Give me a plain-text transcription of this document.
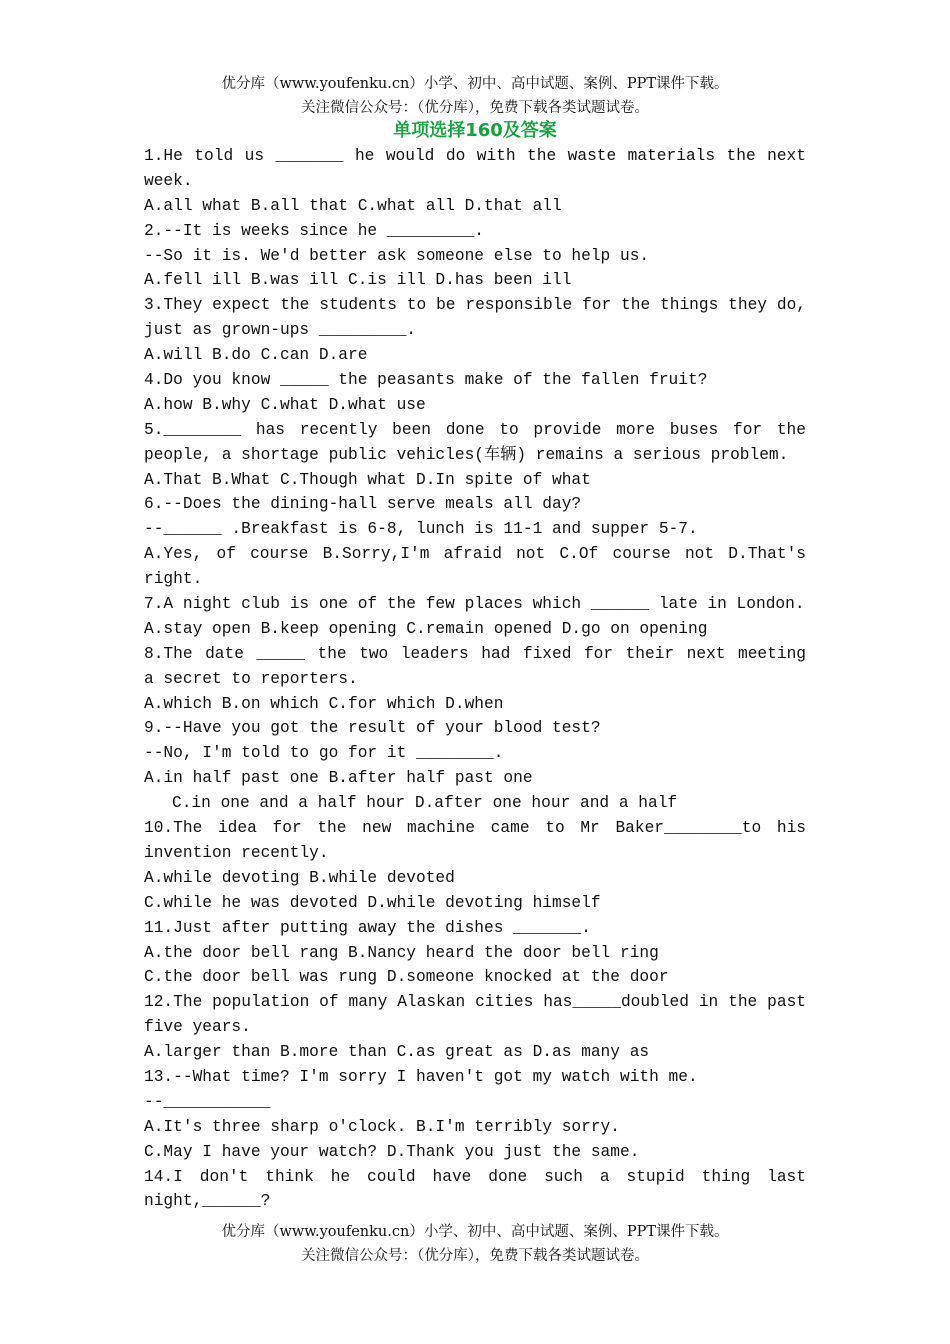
优分库（www.youfenku.cn）小学、初中、高中试题、案例、PPT课件下载。
关注微信公众号：（优分库），免费下载各类试题试卷。
单项选择160及答案
1.He told us _______ he would do with the waste materials the next
week.
A.all what B.all that C.what all D.that all
2.--It is weeks since he _________.
--So it is. We'd better ask someone else to help us.
A.fell ill B.was ill C.is ill D.has been ill
3.They expect the students to be responsible for the things they do,
just as grown-ups _________.
A.will B.do C.can D.are
4.Do you know _____ the peasants make of the fallen fruit?
A.how B.why C.what D.what use
5.________ has recently been done to provide more buses for the
people, a shortage public vehicles(车辆) remains a serious problem.
A.That B.What C.Though what D.In spite of what
6.--Does the dining-hall serve meals all day?
--______ .Breakfast is 6-8, lunch is 11-1 and supper 5-7.
A.Yes, of course B.Sorry,I'm afraid not C.Of course not D.That's
right.
7.A night club is one of the few places which ______ late in London.
A.stay open B.keep opening C.remain opened D.go on opening
8.The date _____ the two leaders had fixed for their next meeting
a secret to reporters.
A.which B.on which C.for which D.when
9.--Have you got the result of your blood test?
--No, I'm told to go for it ________.
A.in half past one B.after half past one
C.in one and a half hour D.after one hour and a half
10.The idea for the new machine came to Mr Baker________to his
invention recently.
A.while devoting B.while devoted
C.while he was devoted D.while devoting himself
11.Just after putting away the dishes _______.
A.the door bell rang B.Nancy heard the door bell ring
C.the door bell was rung D.someone knocked at the door
12.The population of many Alaskan cities has_____doubled in the past
five years.
A.larger than B.more than C.as great as D.as many as
13.--What time? I'm sorry I haven't got my watch with me.
--___________
A.It's three sharp o'clock. B.I'm terribly sorry.
C.May I have your watch? D.Thank you just the same.
14.I don't think he could have done such a stupid thing last
night,______?
优分库（www.youfenku.cn）小学、初中、高中试题、案例、PPT课件下载。
关注微信公众号：（优分库），免费下载各类试题试卷。
